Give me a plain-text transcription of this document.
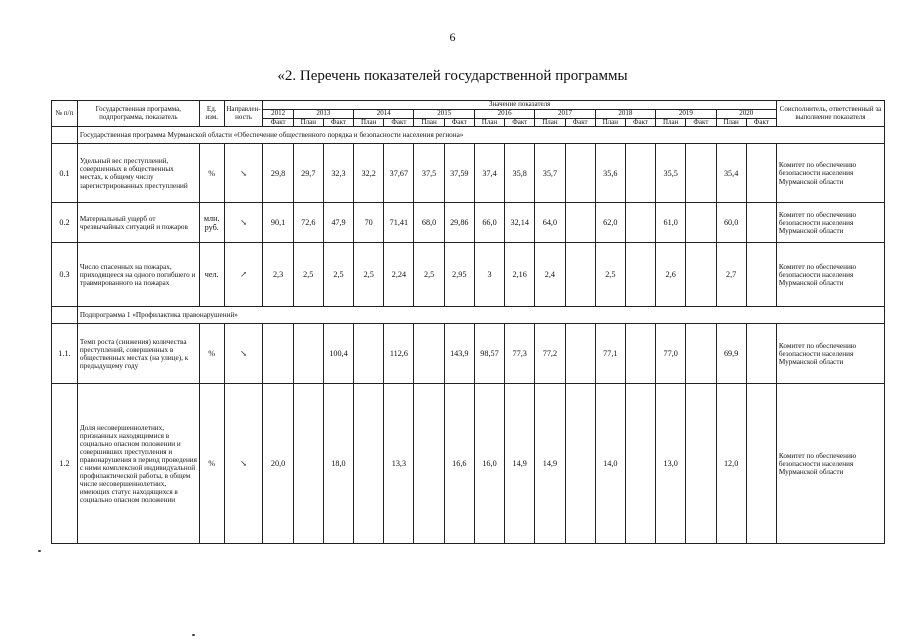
6
«2. Перечень показателей государственной программы
№ п/п	Государственная программа, подпрограмма, показатель	Ед. изм.	Направлен- ность	Значение показателя																	Соисполнитель, ответственный за выполнение показателя
				2012	2013		2014		2015		2016		2017		2018		2019		2020		
				Факт	План	Факт	План	Факт	План	Факт	План	Факт	План	Факт	План	Факт	План	Факт	План	Факт	
	Государственная программа Мурманской области «Обеспечение общественного порядка и безопасности населения региона»																				
0.1	Удельный вес преступлений, совершенных в общественных местах, к общему числу зарегистрированных преступлений	%	↘	29,8	29,7	32,3	32,2	37,67	37,5	37,59	37,4	35,8	35,7		35,6		35,5		35,4		Комитет по обеспечению безопасности населения Мурманской области
0.2	Материальный ущерб от чрезвычайных ситуаций и пожаров	млн. руб.	↘	90,1	72,6	47,9	70	71,41	68,0	29,86	66,0	32,14	64,0		62,0		61,0		60,0		Комитет по обеспечению безопасности населения Мурманской области
0.3	Число спасенных на пожарах, приходящееся на одного погибшего и травмированного на пожарах	чел.	↗	2,3	2,5	2,5	2,5	2,24	2,5	2,95	3	2,16	2,4		2,5		2,6		2,7		Комитет по обеспечению безопасности населения Мурманской области
	Подпрограмма 1 «Профилактика правонарушений»																				
1.1.	Темп роста (снижения) количества преступлений, совершенных в общественных местах (на улице), к предыдущему году	%	↘			100,4		112,6		143,9	98,57	77,3	77,2		77,1		77,0		69,9		Комитет по обеспечению безопасности населения Мурманской области
1.2	Доля несовершеннолетних, признанных находящимися в социально опасном положении и совершивших преступления и правонарушения в период проведения с ними комплексной индивидуальной профилактической работы, в общем числе несовершеннолетних, имеющих статус находящихся в социально опасном положении	%	↘	20,0		18,0		13,3		16,6	16,0	14,9	14,9		14,0		13,0		12,0		Комитет по обеспечению безопасности населения Мурманской области
